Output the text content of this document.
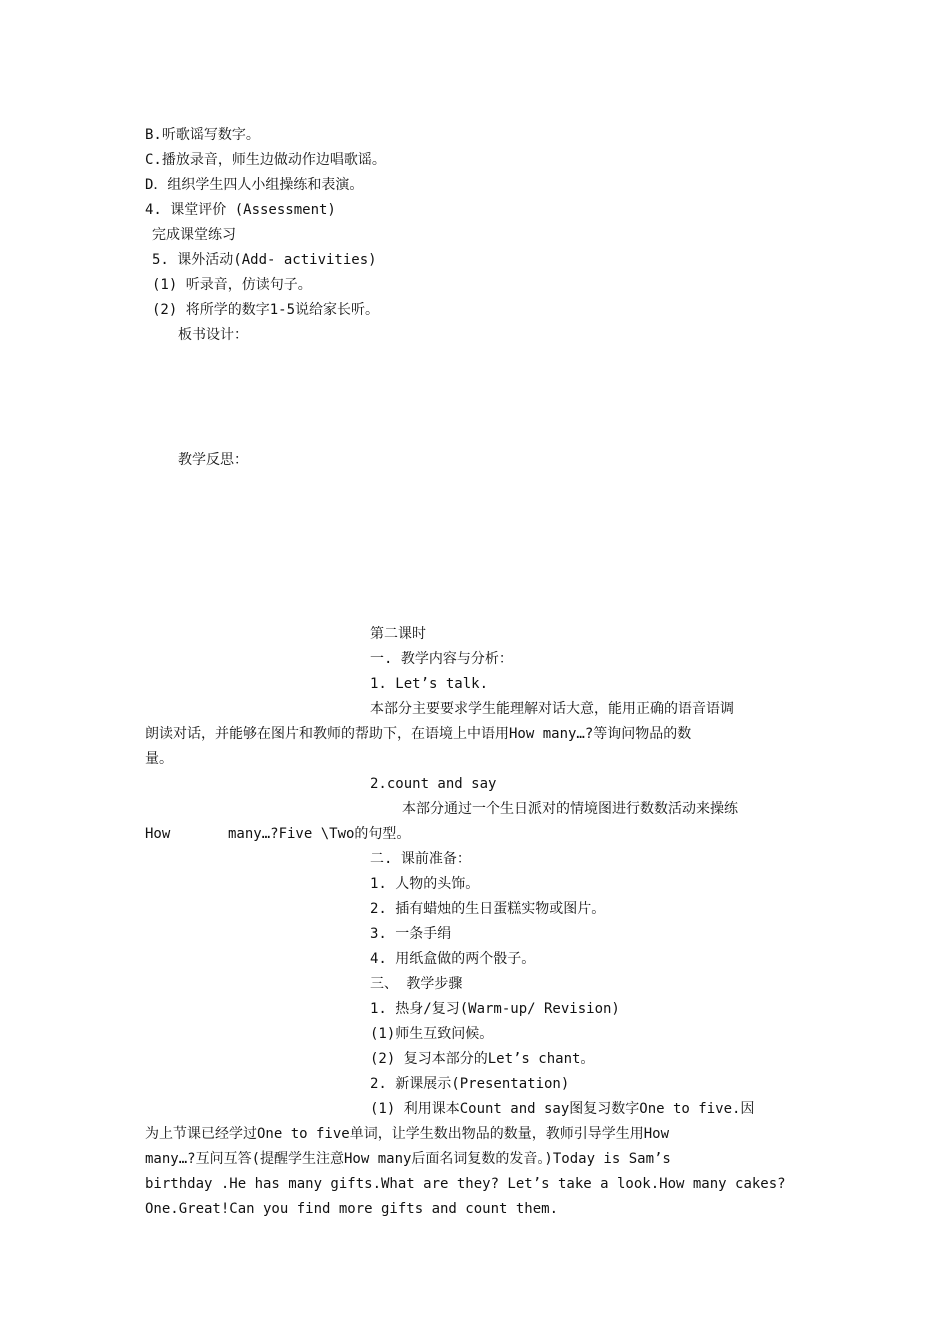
B.听歌谣写数字。
C.播放录音，师生边做动作边唱歌谣。
D．组织学生四人小组操练和表演。
4. 课堂评价 (Assessment)
完成课堂练习
5. 课外活动(Add- activities)
(1) 听录音，仿读句子。
(2) 将所学的数字1-5说给家长听。
板书设计：
教学反思：
第二课时
一. 教学内容与分析：
1. Let’s talk.
本部分主要要求学生能理解对话大意，能用正确的语音语调
朗读对话，并能够在图片和教师的帮助下，在语境上中语用How many…?等询问物品的数
量。
2.count and say
本部分通过一个生日派对的情境图进行数数活动来操练
How	many…?Five \Two的句型。
二. 课前准备：
1. 人物的头饰。
2. 插有蜡烛的生日蛋糕实物或图片。
3. 一条手绢
4. 用纸盒做的两个骰子。
三、 教学步骤
1. 热身/复习(Warm-up/ Revision)
(1)师生互致问候。
(2) 复习本部分的Let’s chant。
2. 新课展示(Presentation)
(1) 利用课本Count and say图复习数字One to five.因
为上节课已经学过One to five单词，让学生数出物品的数量，教师引导学生用How
many…?互问互答(提醒学生注意How many后面名词复数的发音。)Today is Sam’s
birthday .He has many gifts.What are they? Let’s take a look.How many cakes?
One.Great!Can you find more gifts and count them.
